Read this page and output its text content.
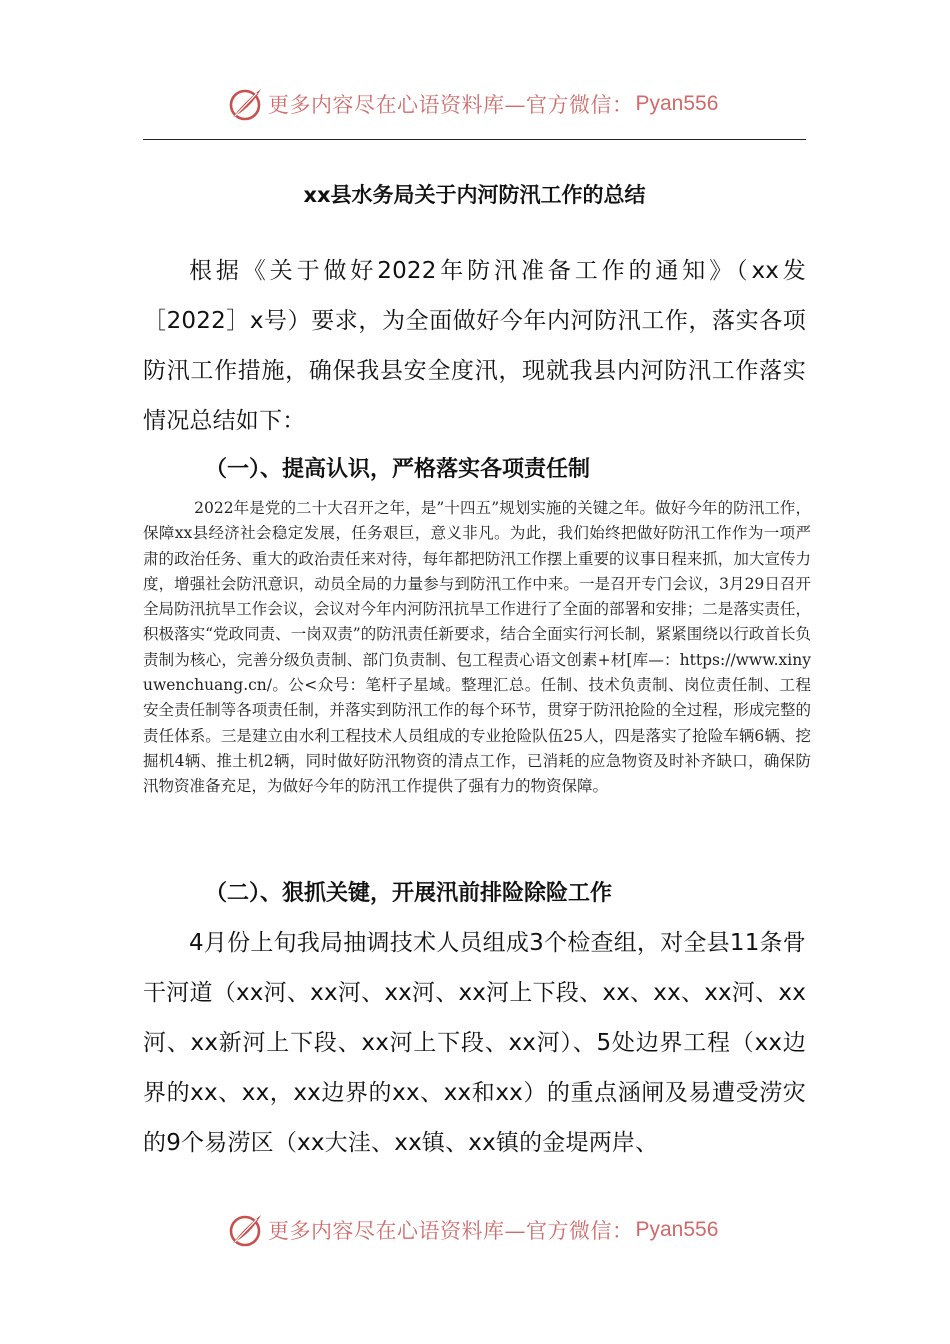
更多内容尽在心语资料库—官方微信： Pyan556
xx县水务局关于内河防汛工作的总结

根据《关于做好2022年防汛准备工作的通知》（xx发［2022］x号）要求，为全面做好今年内河防汛工作，落实各项防汛工作措施，确保我县安全度汛，现就我县内河防汛工作落实情况总结如下：

（一）、提高认识，严格落实各项责任制

2022年是党的二十大召开之年，是”十四五”规划实施的关键之年。做好今年的防汛工作，保障xx县经济社会稳定发展，任务艰巨，意义非凡。为此，我们始终把做好防汛工作作为一项严肃的政治任务、重大的政治责任来对待，每年都把防汛工作摆上重要的议事日程来抓，加大宣传力度，增强社会防汛意识，动员全局的力量参与到防汛工作中来。一是召开专门会议，3月29日召开全局防汛抗旱工作会议，会议对今年内河防汛抗旱工作进行了全面的部署和安排；二是落实责任，积极落实“党政同责、一岗双责”的防汛责任新要求，结合全面实行河长制，紧紧围绕以行政首长负责制为核心，完善分级负责制、部门负责制、包工程责心语文创素+材[库—：https://www.xinyuwenchuang.cn/。公<众号：笔杆子星域。整理汇总。任制、技术负责制、岗位责任制、工程安全责任制等各项责任制，并落实到防汛工作的每个环节，贯穿于防汛抢险的全过程，形成完整的责任体系。三是建立由水利工程技术人员组成的专业抢险队伍25人，四是落实了抢险车辆6辆、挖掘机4辆、推土机2辆，同时做好防汛物资的清点工作，已消耗的应急物资及时补齐缺口，确保防汛物资准备充足，为做好今年的防汛工作提供了强有力的物资保障。

（二）、狠抓关键，开展汛前排险除险工作

4月份上旬我局抽调技术人员组成3个检查组，对全县11条骨干河道（xx河、xx河、xx河、xx河上下段、xx、xx、xx河、xx河、xx新河上下段、xx河上下段、xx河）、5处边界工程（xx边界的xx、xx，xx边界的xx、xx和xx）的重点涵闸及易遭受涝灾的9个易涝区（xx大洼、xx镇、xx镇的金堤两岸、

更多内容尽在心语资料库—官方微信： Pyan556
